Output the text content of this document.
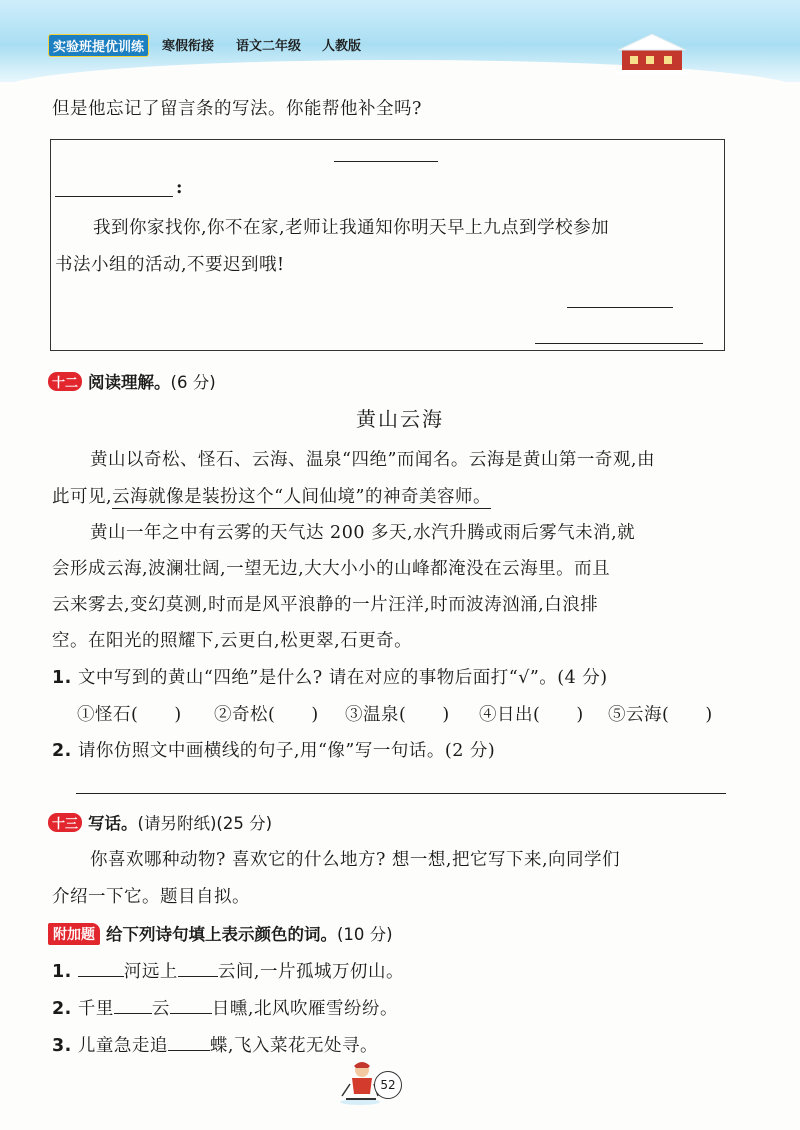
实验班提优训练	寒假衔接 语文二年级 人教版
但是他忘记了留言条的写法。你能帮他补全吗?
:
我到你家找你,你不在家,老师让我通知你明天早上九点到学校参加
书法小组的活动,不要迟到哦!
十二 阅读理解。(6 分)
黄山云海
黄山以奇松、怪石、云海、温泉“四绝”而闻名。云海是黄山第一奇观,由
此可见,云海就像是装扮这个“人间仙境”的神奇美容师。
黄山一年之中有云雾的天气达 200 多天,水汽升腾或雨后雾气未消,就
会形成云海,波澜壮阔,一望无边,大大小小的山峰都淹没在云海里。而且
云来雾去,变幻莫测,时而是风平浪静的一片汪洋,时而波涛汹涌,白浪排
空。在阳光的照耀下,云更白,松更翠,石更奇。
1. 文中写到的黄山“四绝”是什么? 请在对应的事物后面打“√”。(4 分)
①怪石(　　) ②奇松(　　) ③温泉(　　) ④日出(　　) ⑤云海(　　)
2. 请你仿照文中画横线的句子,用“像”写一句话。(2 分)
十三 写话。(请另附纸)(25 分)
你喜欢哪种动物? 喜欢它的什么地方? 想一想,把它写下来,向同学们
介绍一下它。题目自拟。
附加题 给下列诗句填上表示颜色的词。(10 分)
1.	河远上 云间,一片孤城万仞山。
2. 千里 云 日曛,北风吹雁雪纷纷。
3. 儿童急走追 蝶,飞入菜花无处寻。
52
